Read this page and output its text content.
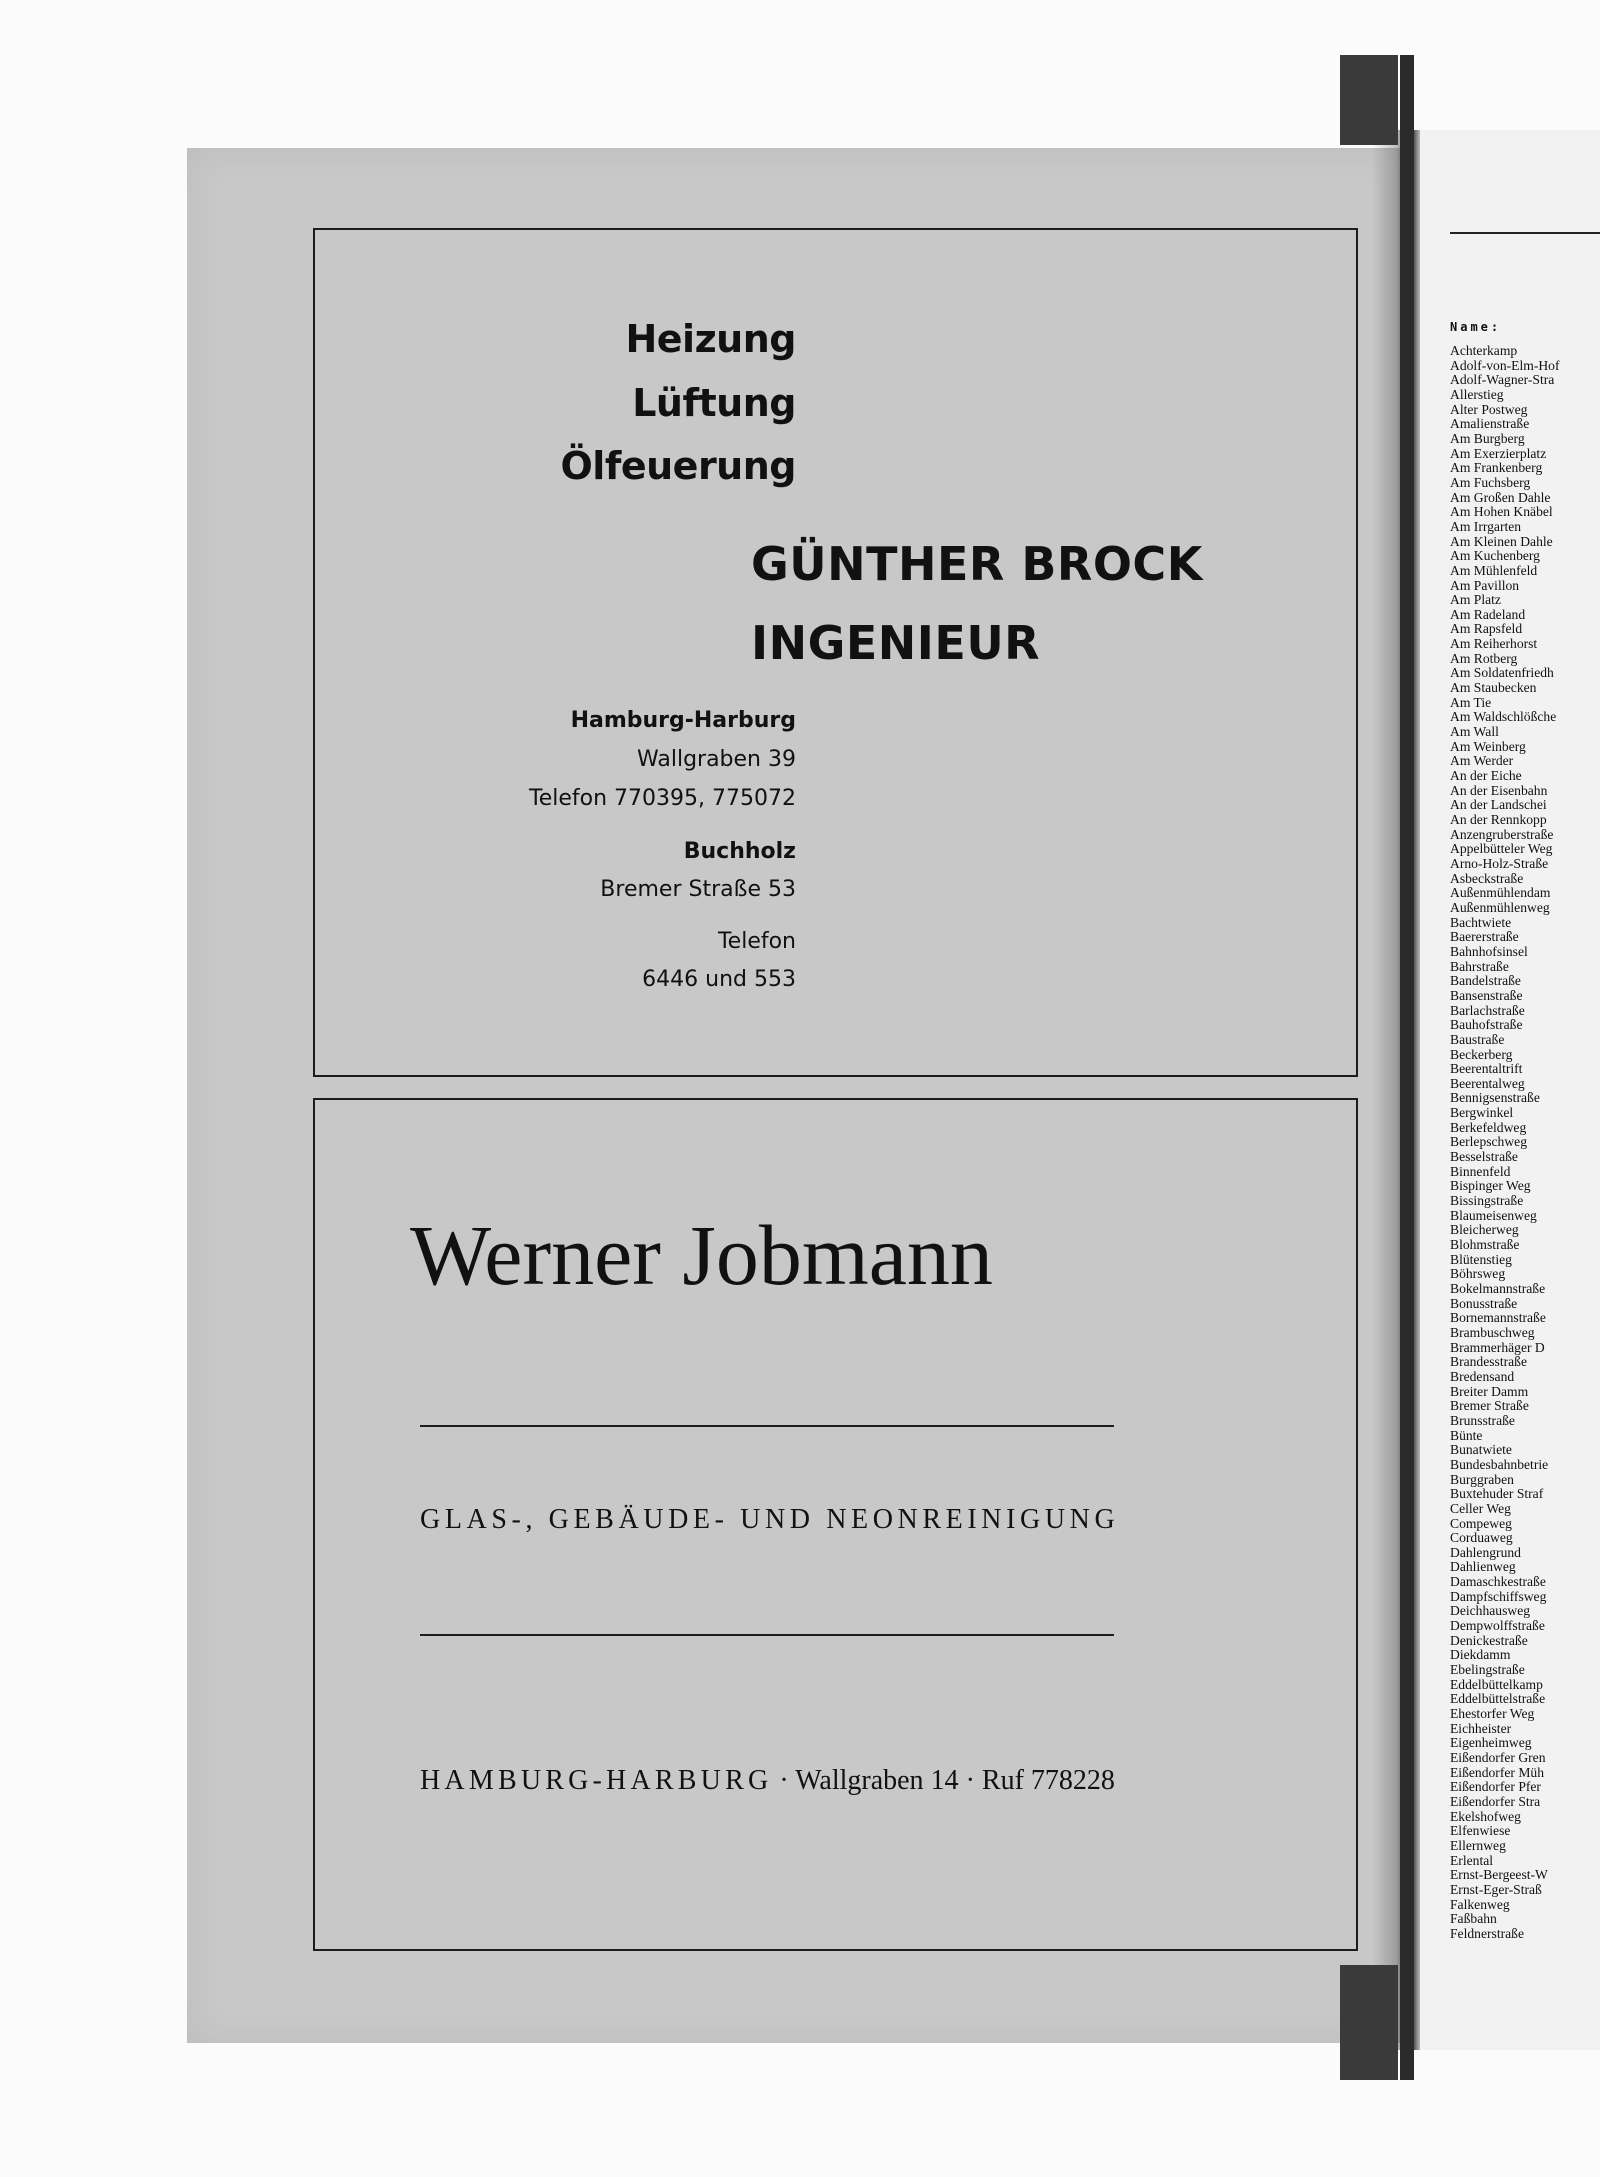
Heizung
Lüftung
Ölfeuerung
GÜNTHER BROCK
INGENIEUR
Hamburg-Harburg
Wallgraben 39
Telefon 770395, 775072
Buchholz
Bremer Straße 53
Telefon
6446 und 553
Werner Jobmann
GLAS-, GEBÄUDE- UND NEONREINIGUNG
HAMBURG-HARBURG · Wallgraben 14 · Ruf 778228
Name:
Achterkamp
Adolf-von-Elm-Hof
Adolf-Wagner-Stra
Allerstieg
Alter Postweg
Amalienstraße
Am Burgberg
Am Exerzierplatz
Am Frankenberg
Am Fuchsberg
Am Großen Dahle
Am Hohen Knäbel
Am Irrgarten
Am Kleinen Dahle
Am Kuchenberg
Am Mühlenfeld
Am Pavillon
Am Platz
Am Radeland
Am Rapsfeld
Am Reiherhorst
Am Rotberg
Am Soldatenfriedh
Am Staubecken
Am Tie
Am Waldschlößche
Am Wall
Am Weinberg
Am Werder
An der Eiche
An der Eisenbahn
An der Landschei
An der Rennkopp
Anzengruberstraße
Appelbütteler Weg
Arno-Holz-Straße
Asbeckstraße
Außenmühlendam
Außenmühlenweg
Bachtwiete
Baererstraße
Bahnhofsinsel
Bahrstraße
Bandelstraße
Bansenstraße
Barlachstraße
Bauhofstraße
Baustraße
Beckerberg
Beerentaltrift
Beerentalweg
Bennigsenstraße
Bergwinkel
Berkefeldweg
Berlepschweg
Besselstraße
Binnenfeld
Bispinger Weg
Bissingstraße
Blaumeisenweg
Bleicherweg
Blohmstraße
Blütenstieg
Böhrsweg
Bokelmannstraße
Bonusstraße
Bornemannstraße
Brambuschweg
Brammerhäger D
Brandesstraße
Bredensand
Breiter Damm
Bremer Straße
Brunsstraße
Bünte
Bunatwiete
Bundesbahnbetrie
Burggraben
Buxtehuder Straf
Celler Weg
Compeweg
Corduaweg
Dahlengrund
Dahlienweg
Damaschkestraße
Dampfschiffsweg
Deichhausweg
Dempwolffstraße
Denickestraße
Diekdamm
Ebelingstraße
Eddelbüttelkamp
Eddelbüttelstraße
Ehestorfer Weg
Eichheister
Eigenheimweg
Eißendorfer Gren
Eißendorfer Müh
Eißendorfer Pfer
Eißendorfer Stra
Ekelshofweg
Elfenwiese
Ellernweg
Erlental
Ernst-Bergeest-W
Ernst-Eger-Straß
Falkenweg
Faßbahn
Feldnerstraße
